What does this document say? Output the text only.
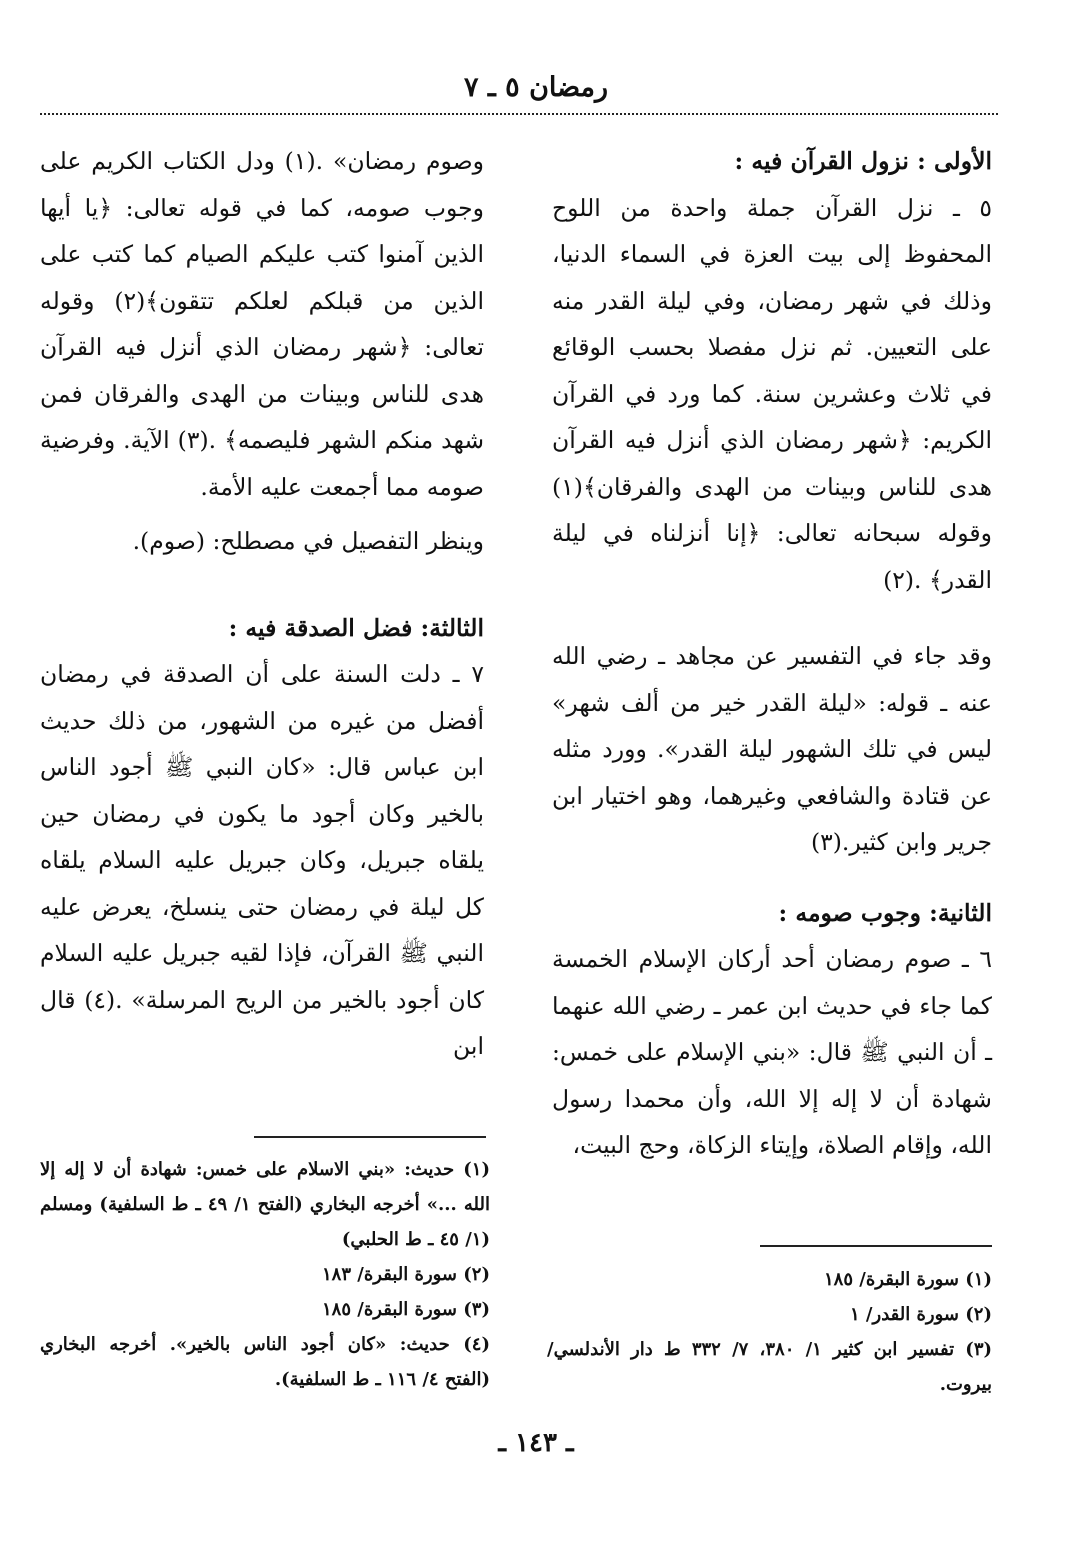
رمضان ٥ ـ ٧

الأولى : نزول القرآن فيه :

٥ ـ نزل القرآن جملة واحدة من اللوح المحفوظ إلى بيت العزة في السماء الدنيا، وذلك في شهر رمضان، وفي ليلة القدر منه على التعيين. ثم نزل مفصلا بحسب الوقائع في ثلاث وعشرين سنة. كما ورد في القرآن الكريم: ﴿شهر رمضان الذي أنزل فيه القرآن هدى للناس وبينات من الهدى والفرقان﴾(١) وقوله سبحانه تعالى: ﴿إنا أنزلناه في ليلة القدر﴾ .(٢)

وقد جاء في التفسير عن مجاهد ـ رضي الله عنه ـ قوله: «ليلة القدر خير من ألف شهر» ليس في تلك الشهور ليلة القدر». وورد مثله عن قتادة والشافعي وغيرهما، وهو اختيار ابن جرير وابن كثير.(٣)

الثانية: وجوب صومه :

٦ ـ صوم رمضان أحد أركان الإسلام الخمسة كما جاء في حديث ابن عمر ـ رضي الله عنهما ـ أن النبي ﷺ قال: «بني الإسلام على خمس: شهادة أن لا إله إلا الله، وأن محمدا رسول الله، وإقام الصلاة، وإيتاء الزكاة، وحج البيت،

وصوم رمضان» .(١) ودل الكتاب الكريم على وجوب صومه، كما في قوله تعالى: ﴿يا أيها الذين آمنوا كتب عليكم الصيام كما كتب على الذين من قبلكم لعلكم تتقون﴾(٢) وقوله تعالى: ﴿شهر رمضان الذي أنزل فيه القرآن هدى للناس وبينات من الهدى والفرقان فمن شهد منكم الشهر فليصمه﴾ .(٣) الآية. وفرضية صومه مما أجمعت عليه الأمة.

وينظر التفصيل في مصطلح: (صوم).

الثالثة: فضل الصدقة فيه :

٧ ـ دلت السنة على أن الصدقة في رمضان أفضل من غيره من الشهور، من ذلك حديث ابن عباس قال: «كان النبي ﷺ أجود الناس بالخير وكان أجود ما يكون في رمضان حين يلقاه جبريل، وكان جبريل عليه السلام يلقاه كل ليلة في رمضان حتى ينسلخ، يعرض عليه النبي ﷺ القرآن، فإذا لقيه جبريل عليه السلام كان أجود بالخير من الريح المرسلة» .(٤) قال ابن

(١) سورة البقرة/ ١٨٥

(٢) سورة القدر/ ١

(٣) تفسير ابن كثير ١/ ٣٨٠، ٧/ ٣٣٢ ط دار الأندلسي/ بيروت.

(١) حديث: «بني الاسلام على خمس: شهادة أن لا إله إلا الله ...» أخرجه البخاري (الفتح ١/ ٤٩ ـ ط السلفية) ومسلم (١/ ٤٥ ـ ط الحلبي)

(٢) سورة البقرة/ ١٨٣

(٣) سورة البقرة/ ١٨٥

(٤) حديث: «كان أجود الناس بالخير». أخرجه البخاري (الفتح ٤/ ١١٦ ـ ط السلفية).

ـ ١٤٣ ـ
